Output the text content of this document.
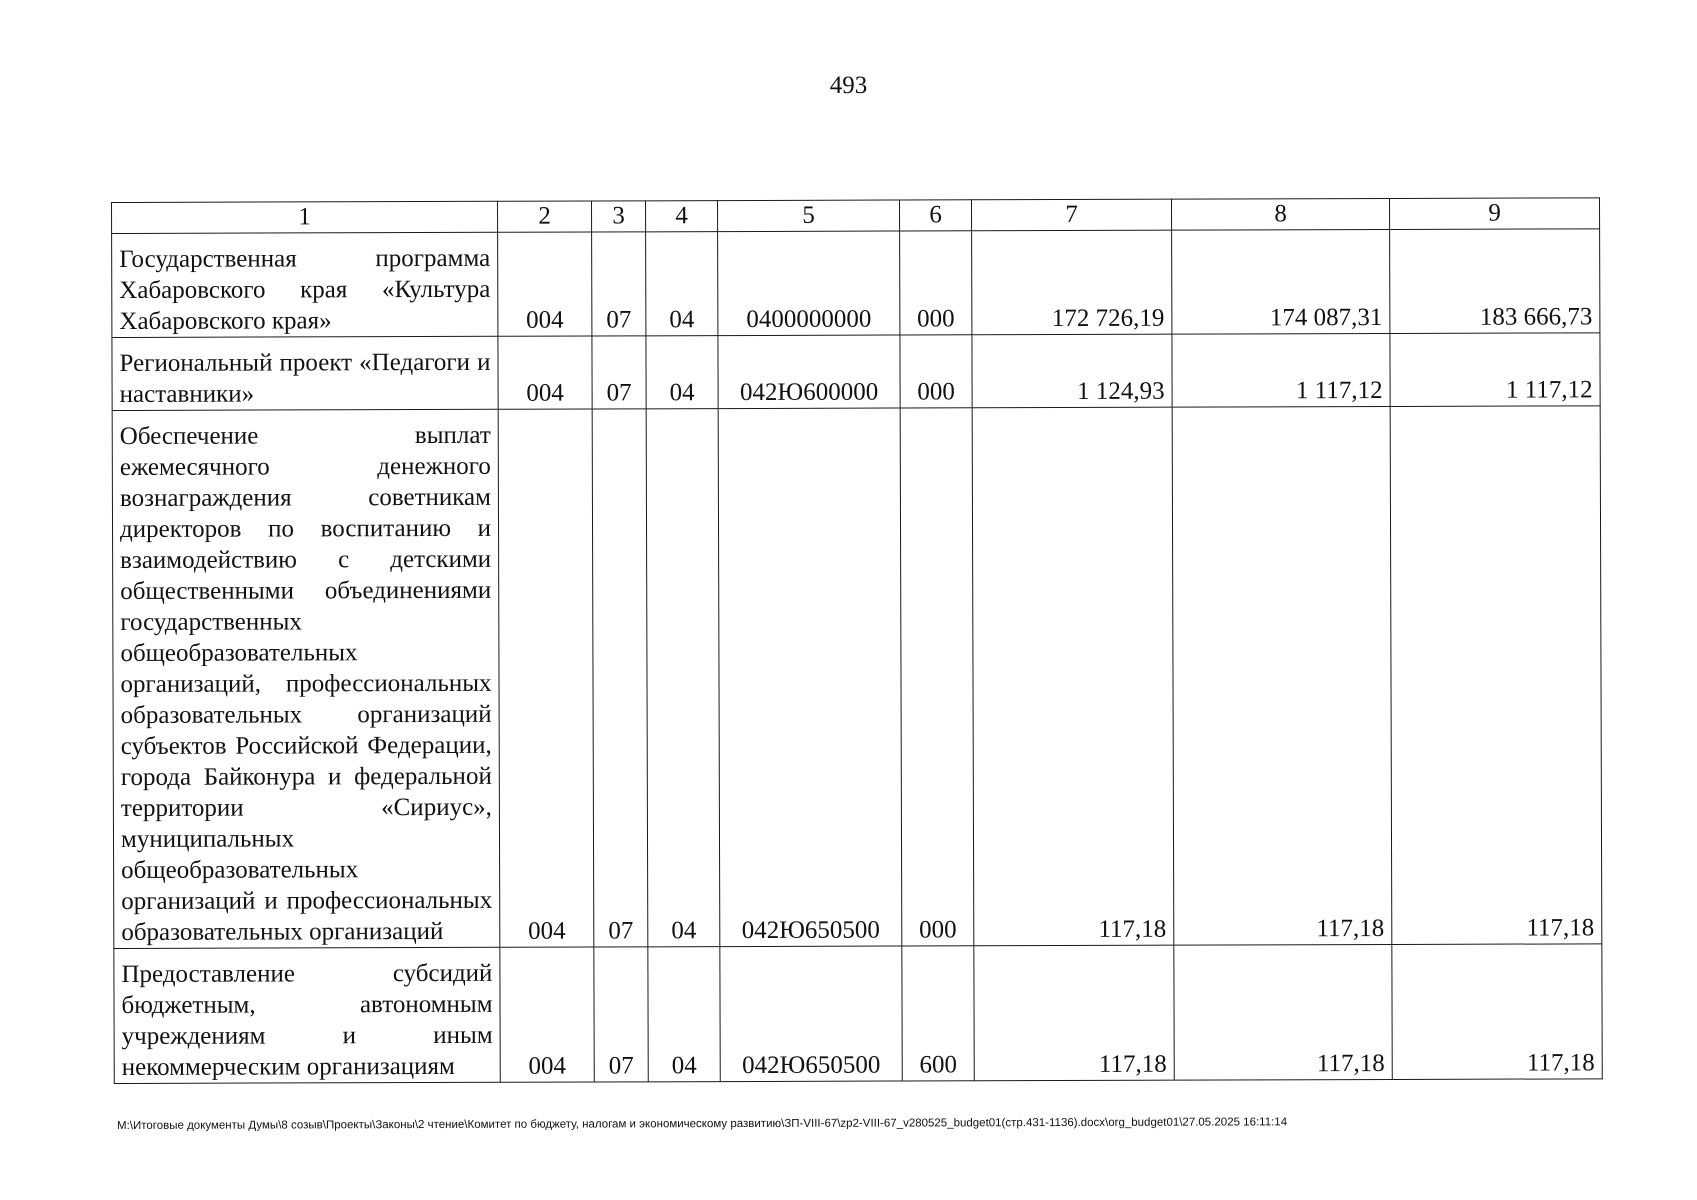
493
1	2	3	4	5	6	7	8	9
Государственная программа Хабаровского края «Культура Хабаровского края»	004	07	04	0400000000	000	172 726,19	174 087,31	183 666,73
Региональный проект «Педагоги и наставники»	004	07	04	042Ю600000	000	1 124,93	1 117,12	1 117,12
Обеспечение выплат ежемесячного денежного вознаграждения советникам директоров по воспитанию и взаимодействию с детскими общественными объединениями государственных общеобразовательных организаций, профессиональных образовательных организаций субъектов Российской Федерации, города Байконура и федеральной территории «Сириус», муниципальных общеобразовательных организаций и профессиональных образовательных организаций	004	07	04	042Ю650500	000	117,18	117,18	117,18
Предоставление субсидий бюджетным, автономным учреждениям и иным некоммерческим организациям	004	07	04	042Ю650500	600	117,18	117,18	117,18
М:\Итоговые документы Думы\8 созыв\Проекты\Законы\2 чтение\Комитет по бюджету, налогам и экономическому развитию\ЗП-VIII-67\zp2-VIII-67_v280525_budget01(стр.431-1136).docx\org_budget01\27.05.2025 16:11:14
